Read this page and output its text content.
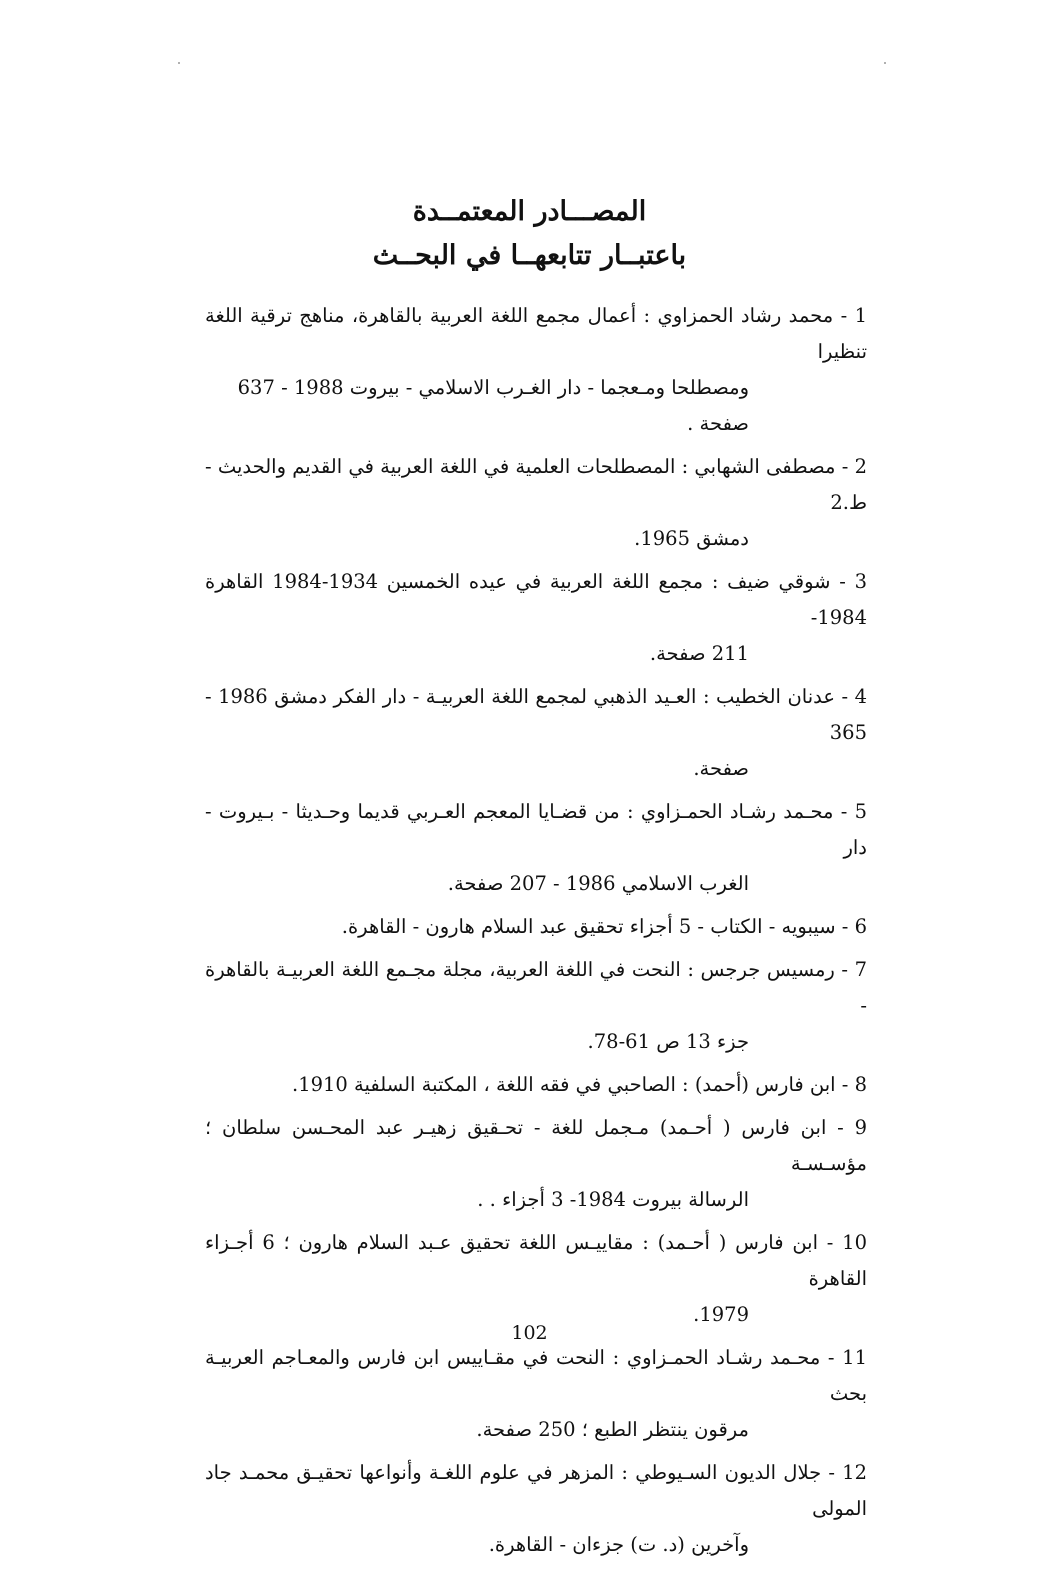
المصـــادر المعتمــدة
باعتبــار تتابعهــا في البحــث
1 - محمد رشاد الحمزاوي : أعمال مجمع اللغة العربية بالقاهرة، مناهج ترقية اللغة تنظيرا
ومصطلحا ومـعجما - دار الغـرب الاسلامي - بيروت 1988 - 637
صفحة .
2 - مصطفى الشهابي : المصطلحات العلمية في اللغة العربية في القديم والحديث - ط.2
دمشق 1965.
3 - شوقي ضيف : مجمع اللغة العربية في عيده الخمسين 1934-1984 القاهرة 1984-
211 صفحة.
4 - عدنان الخطيب : العـيد الذهبي لمجمع اللغة العربيـة - دار الفكر دمشق 1986 - 365
صفحة.
5 - محـمد رشـاد الحمـزاوي : من قضـايا المعجم العـربي قديما وحـديثا - بـيروت - دار
الغرب الاسلامي 1986 - 207 صفحة.
6 - سيبويه - الكتاب - 5 أجزاء تحقيق عبد السلام هارون - القاهرة.
7 - رمسيس جرجس : النحت في اللغة العربية، مجلة مجـمع اللغة العربيـة بالقاهرة -
جزء 13 ص 61-78.
8 - ابن فارس (أحمد) : الصاحبي في فقه اللغة ، المكتبة السلفية 1910.
9 - ابن فارس ( أحـمد) مـجمل للغة - تحـقيق زهيـر عبد المحـسن سلطان ؛ مؤسـسـة
الرسالة بيروت 1984- 3 أجزاء . .
10 - ابن فارس ( أحـمد) : مقاييـس اللغة تحقيق عـبد السلام هارون ؛ 6 أجـزاء القاهرة
1979.
11 - محـمد رشـاد الحمـزاوي : النحت في مقـاييس ابن فارس والمعـاجم العربيـة بحث
مرقون ينتظر الطبع ؛ 250 صفحة.
12 - جلال الديون السـيوطي : المزهر في علوم اللغـة وأنواعها تحقيـق محمـد جاد المولى
وآخرين (د. ت) جزءان - القاهرة.
102
